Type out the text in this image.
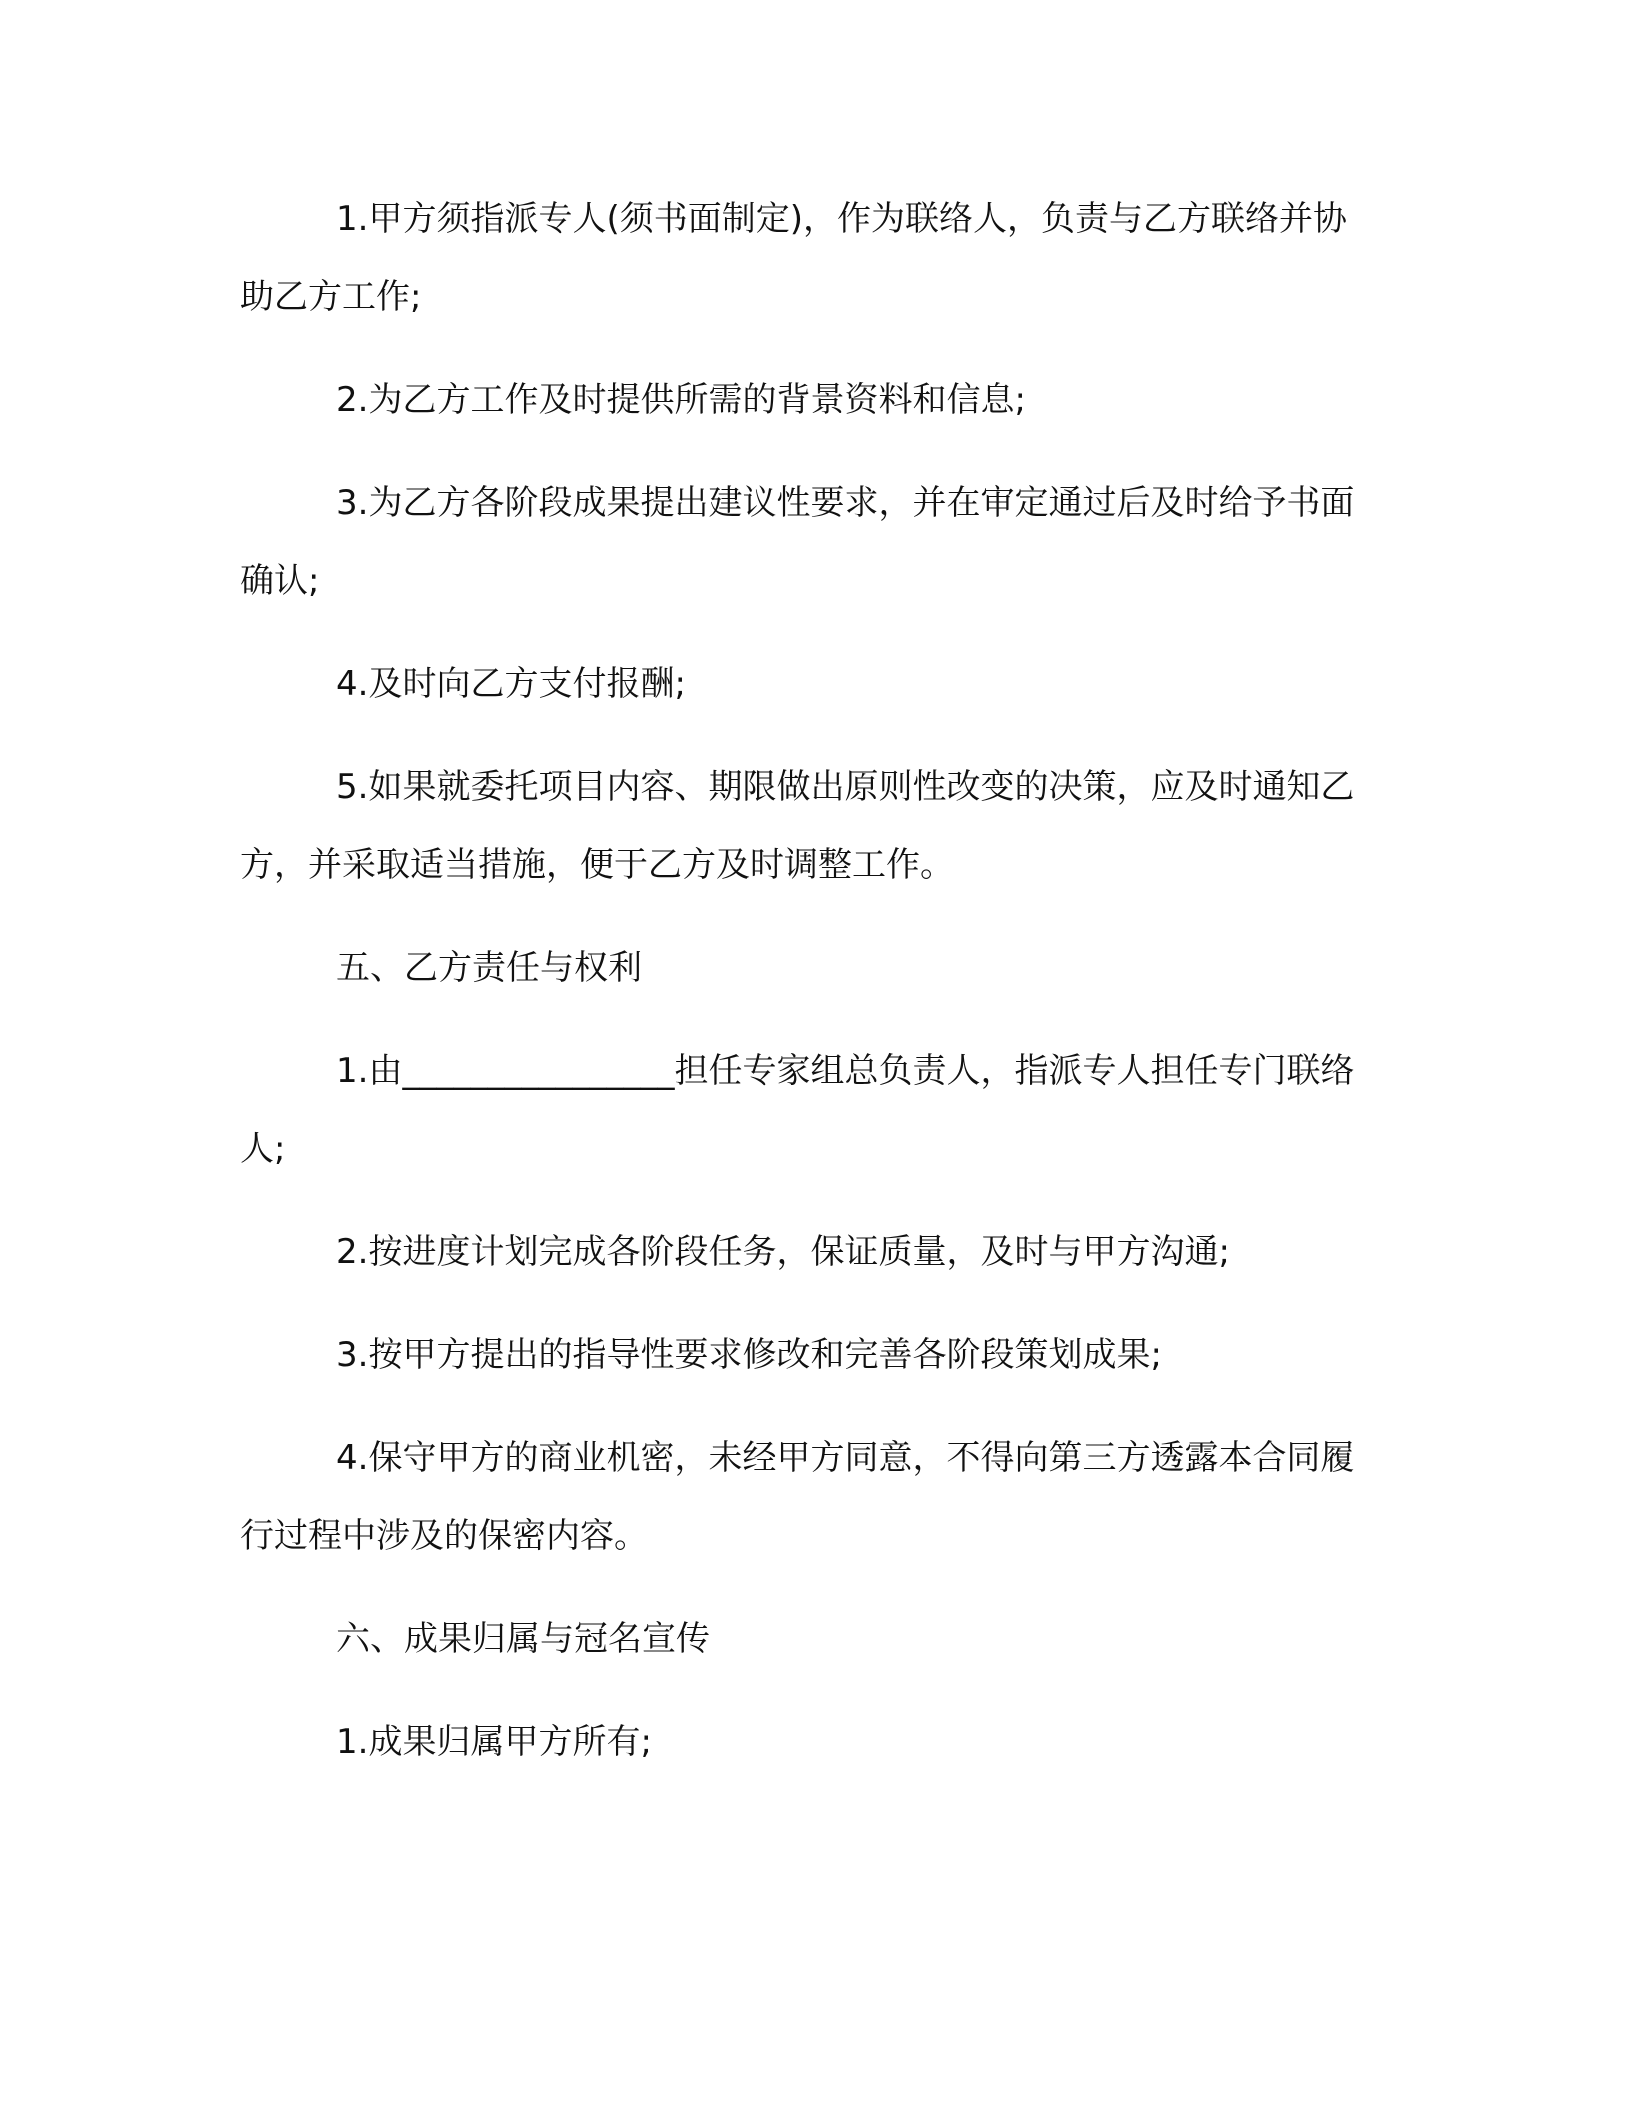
1.甲方须指派专人(须书面制定)，作为联络人，负责与乙方联络并协助乙方工作;

2.为乙方工作及时提供所需的背景资料和信息;

3.为乙方各阶段成果提出建议性要求，并在审定通过后及时给予书面确认;

4.及时向乙方支付报酬;

5.如果就委托项目内容、期限做出原则性改变的决策，应及时通知乙方，并采取适当措施，便于乙方及时调整工作。

五、乙方责任与权利

1.由________________担任专家组总负责人，指派专人担任专门联络人;

2.按进度计划完成各阶段任务，保证质量，及时与甲方沟通;

3.按甲方提出的指导性要求修改和完善各阶段策划成果;

4.保守甲方的商业机密，未经甲方同意，不得向第三方透露本合同履行过程中涉及的保密内容。

六、成果归属与冠名宣传

1.成果归属甲方所有;
